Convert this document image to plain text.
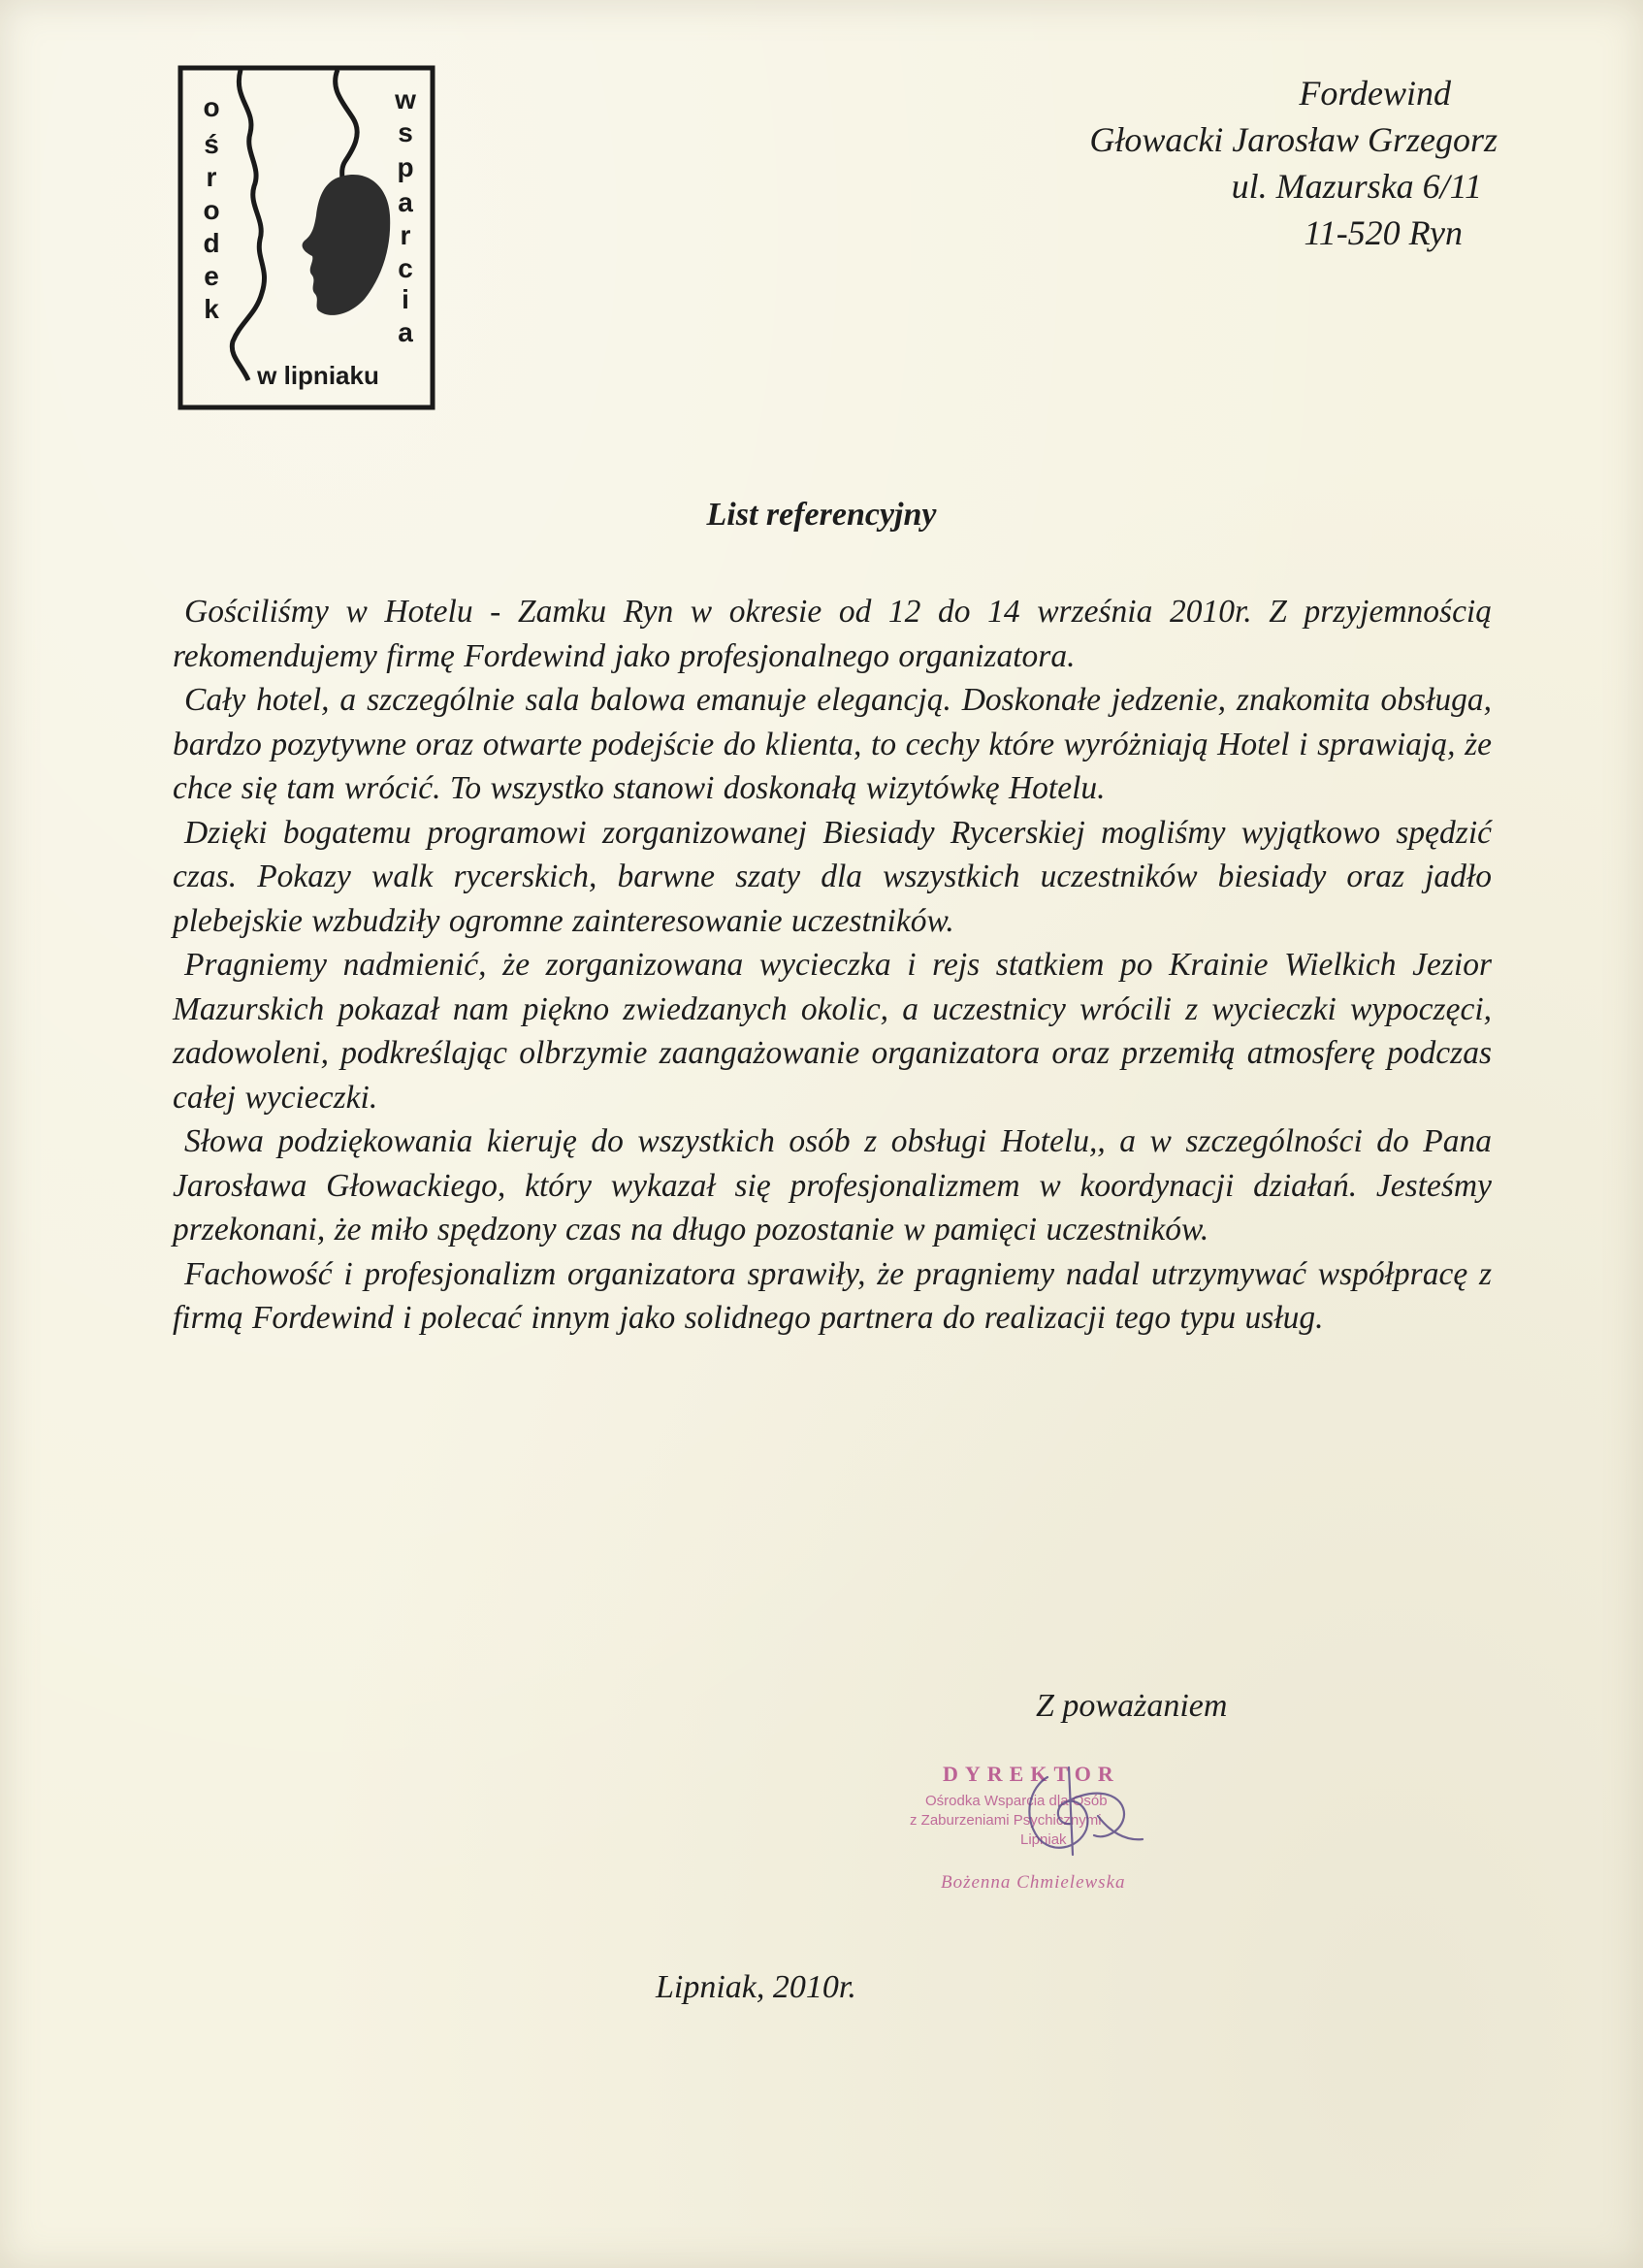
o
ś
r
o
d
e
k
w
s
p
a
r
c
i
a
w lipniaku
Fordewind
Głowacki Jarosław Grzegorz
ul. Mazurska 6/11
11-520 Ryn
List referencyjny

Gościliśmy w Hotelu - Zamku Ryn w okresie od 12 do 14 września 2010r. Z przyjemnością rekomendujemy firmę Fordewind jako profesjonalnego organizatora.

Cały hotel, a szczególnie sala balowa emanuje elegancją. Doskonałe jedzenie, znakomita obsługa, bardzo pozytywne oraz otwarte podejście do klienta, to cechy które wyróżniają Hotel i sprawiają, że chce się tam wrócić. To wszystko stanowi doskonałą wizytówkę Hotelu.

Dzięki bogatemu programowi zorganizowanej Biesiady Rycerskiej mogliśmy wyjątkowo spędzić czas. Pokazy walk rycerskich, barwne szaty dla wszystkich uczestników biesiady oraz jadło plebejskie wzbudziły ogromne zainteresowanie uczestników.

Pragniemy nadmienić, że zorganizowana wycieczka i rejs statkiem po Krainie Wielkich Jezior Mazurskich pokazał nam piękno zwiedzanych okolic, a uczestnicy wrócili z wycieczki wypoczęci, zadowoleni, podkreślając olbrzymie zaangażowanie organizatora oraz przemiłą atmosferę podczas całej wycieczki.

Słowa podziękowania kieruję do wszystkich osób z obsługi Hotelu,, a w szczególności do Pana Jarosława Głowackiego, który wykazał się profesjonalizmem w koordynacji działań. Jesteśmy przekonani, że miło spędzony czas na długo pozostanie w pamięci uczestników.

Fachowość i profesjonalizm organizatora sprawiły, że pragniemy nadal utrzymywać współpracę z firmą Fordewind i polecać innym jako solidnego partnera do realizacji tego typu usług.

Z poważaniem
DYREKTOR
Ośrodka Wsparcia dla Osób
z Zaburzeniami Psychicznymi
Lipniak
Bożenna Chmielewska
Lipniak, 2010r.
